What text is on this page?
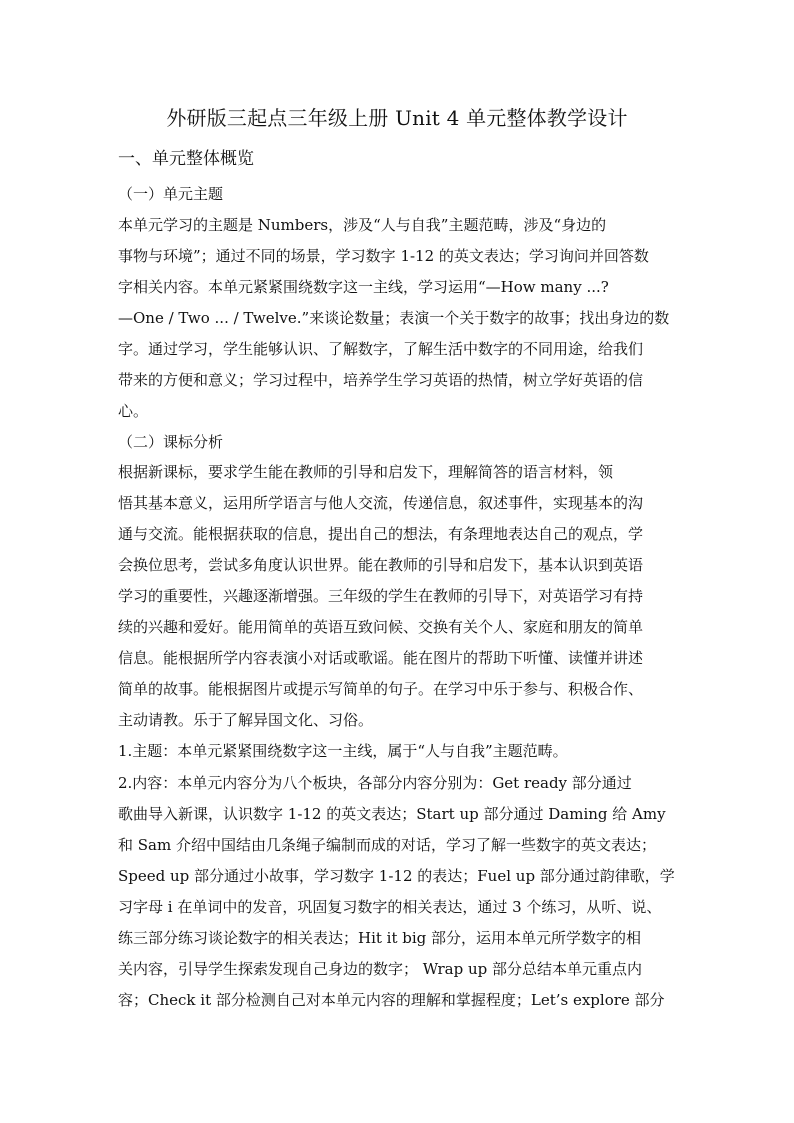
外研版三起点三年级上册 Unit 4 单元整体教学设计
一、单元整体概览
（一）单元主题
本单元学习的主题是 Numbers，涉及“人与自我”主题范畴，涉及“身边的
事物与环境”；通过不同的场景，学习数字 1-12 的英文表达；学习询问并回答数
字相关内容。本单元紧紧围绕数字这一主线，学习运用“—How many ...?
—One / Two ... / Twelve.”来谈论数量；表演一个关于数字的故事；找出身边的数
字。通过学习，学生能够认识、了解数字，了解生活中数字的不同用途，给我们
带来的方便和意义；学习过程中，培养学生学习英语的热情，树立学好英语的信
心。
（二）课标分析
根据新课标，要求学生能在教师的引导和启发下，理解简答的语言材料，领
悟其基本意义，运用所学语言与他人交流，传递信息，叙述事件，实现基本的沟
通与交流。能根据获取的信息，提出自己的想法，有条理地表达自己的观点，学
会换位思考，尝试多角度认识世界。能在教师的引导和启发下，基本认识到英语
学习的重要性，兴趣逐渐增强。三年级的学生在教师的引导下，对英语学习有持
续的兴趣和爱好。能用简单的英语互致问候、交换有关个人、家庭和朋友的简单
信息。能根据所学内容表演小对话或歌谣。能在图片的帮助下听懂、读懂并讲述
简单的故事。能根据图片或提示写简单的句子。在学习中乐于参与、积极合作、
主动请教。乐于了解异国文化、习俗。
1.主题：本单元紧紧围绕数字这一主线，属于“人与自我”主题范畴。
2.内容：本单元内容分为八个板块，各部分内容分别为：Get ready 部分通过
歌曲导入新课，认识数字 1-12 的英文表达；Start up 部分通过 Daming 给 Amy
和 Sam 介绍中国结由几条绳子编制而成的对话，学习了解一些数字的英文表达；
Speed up 部分通过小故事，学习数字 1-12 的表达；Fuel up 部分通过韵律歌，学
习字母 i 在单词中的发音，巩固复习数字的相关表达，通过 3 个练习，从听、说、
练三部分练习谈论数字的相关表达；Hit it big 部分，运用本单元所学数字的相
关内容，引导学生探索发现自己身边的数字； Wrap up 部分总结本单元重点内
容；Check it 部分检测自己对本单元内容的理解和掌握程度；Let’s explore 部分
